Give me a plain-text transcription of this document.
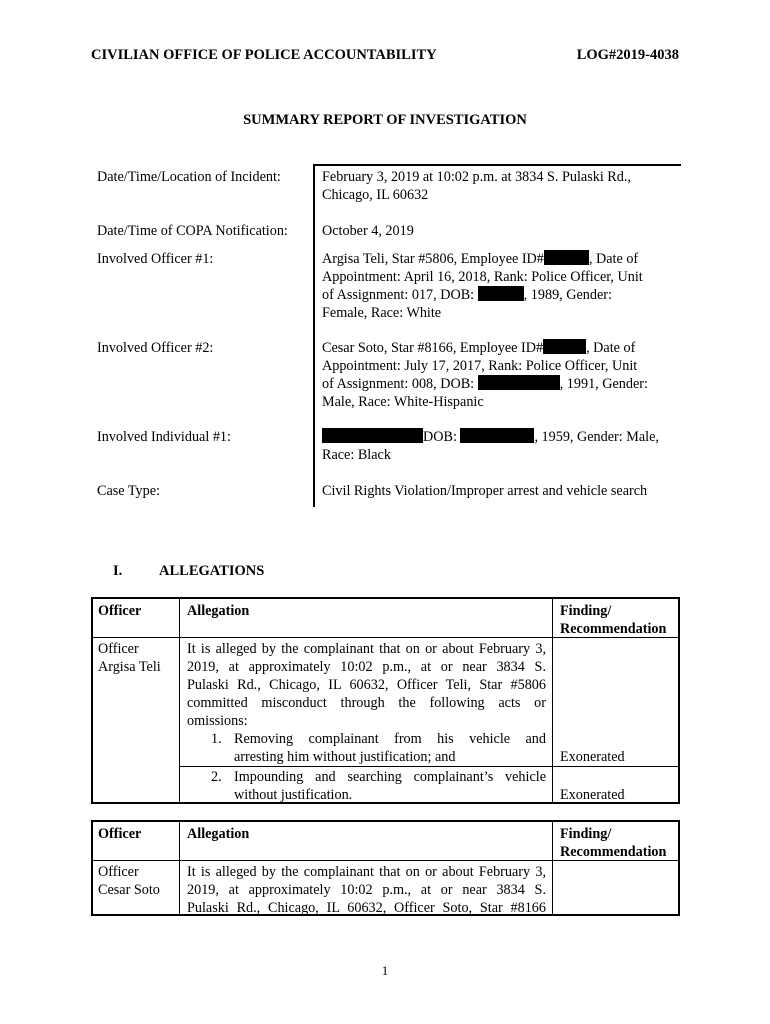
CIVILIAN OFFICE OF POLICE ACCOUNTABILITY	LOG#2019-4038
SUMMARY REPORT OF INVESTIGATION
Date/Time/Location of Incident:	February 3, 2019 at 10:02 p.m. at 3834 S. Pulaski Rd.,
Chicago, IL 60632
Date/Time of COPA Notification:	October 4, 2019
Involved Officer #1:	Argisa Teli, Star #5806, Employee ID#	, Date of
Appointment: April 16, 2018, Rank: Police Officer, Unit
of Assignment: 017, DOB:	, 1989, Gender:
Female, Race: White
Involved Officer #2:	Cesar Soto, Star #8166, Employee ID#	, Date of
Appointment: July 17, 2017, Rank: Police Officer, Unit
of Assignment: 008, DOB:	, 1991, Gender:
Male, Race: White-Hispanic
Involved Individual #1:	DOB:	, 1959, Gender: Male,
Race: Black
Case Type:	Civil Rights Violation/Improper arrest and vehicle search
I.	ALLEGATIONS
Officer	Allegation	Finding/
Recommendation
Officer
Argisa Teli
It is alleged by the complainant that on or about February 3,
2019, at approximately 10:02 p.m., at or near 3834 S.
Pulaski Rd., Chicago, IL 60632, Officer Teli, Star #5806
committed misconduct through the following acts or
omissions:
1. Removing complainant from his vehicle and
arresting him without justification; and	Exonerated
2. Impounding and searching complainant’s vehicle
without justification.	Exonerated
Officer	Allegation	Finding/
Recommendation
Officer
Cesar Soto
It is alleged by the complainant that on or about February 3,
2019, at approximately 10:02 p.m., at or near 3834 S.
Pulaski Rd., Chicago, IL 60632, Officer Soto, Star #8166
1
